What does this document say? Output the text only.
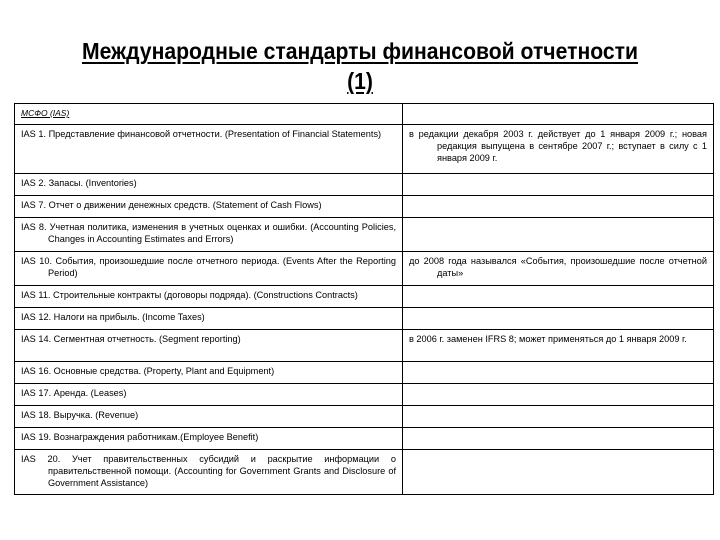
Международные стандарты финансовой отчетности
(1)
МСФО (IAS)	

IAS 1. Представление финансовой отчетности. (Presentation of Financial Statements)	в редакции декабря 2003 г. действует до 1 января 2009 г.; новая редакция выпущена в сентябре 2007 г.; вступает в силу с 1 января 2009 г.

IAS 2. Запасы. (Inventories)	

IAS 7. Отчет о движении денежных средств. (Statement of Cash Flows)	

IAS 8. Учетная политика, изменения в учетных оценках и ошибки. (Accounting Policies, Changes in Accounting Estimates and Errors)	

IAS 10. События, произошедшие после отчетного периода. (Events After the Reporting Period)	до 2008 года назывался «События, произошедшие после отчетной даты»

IAS 11. Строительные контракты (договоры подряда). (Constructions Contracts)	

IAS 12. Налоги на прибыль. (Income Taxes)	

IAS 14. Сегментная отчетность. (Segment reporting)	в 2006 г. заменен IFRS 8; может применяться до 1 января 2009 г.

IAS 16. Основные средства. (Property, Plant and Equipment)	

IAS 17. Аренда. (Leases)	

IAS 18. Выручка. (Revenue)	

IAS 19. Вознаграждения работникам.(Employee Benefit)	

IAS 20. Учет правительственных субсидий и раскрытие информации о правительственной помощи. (Accounting for Government Grants and Disclosure of Government Assistance)	
